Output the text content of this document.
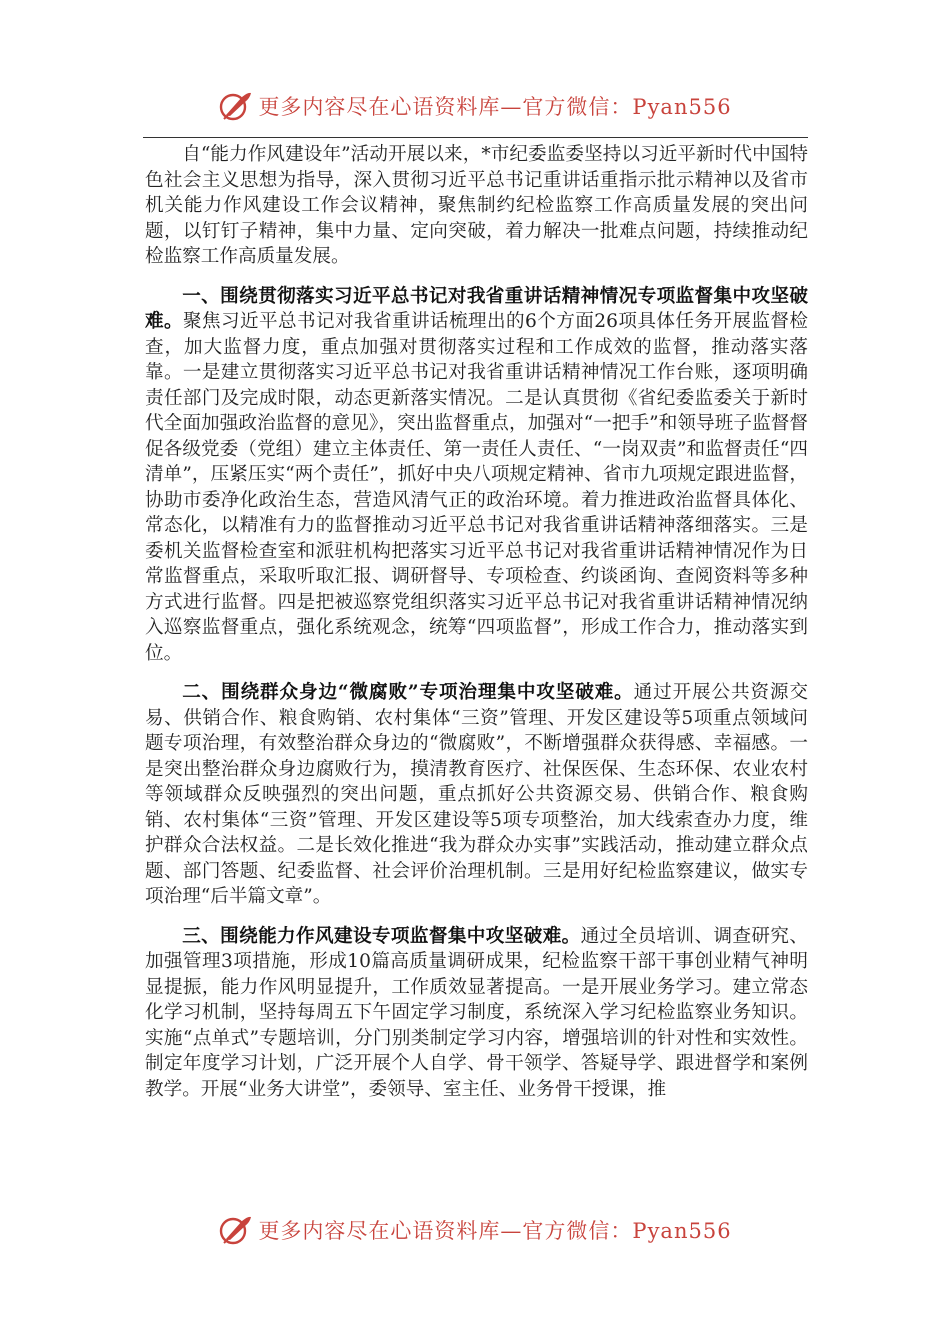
更多内容尽在心语资料库—官方微信：Pyan556

自“能力作风建设年”活动开展以来，*市纪委监委坚持以习近平新时代中国特色社会主义思想为指导，深入贯彻习近平总书记重讲话重指示批示精神以及省市机关能力作风建设工作会议精神，聚焦制约纪检监察工作高质量发展的突出问题，以钉钉子精神，集中力量、定向突破，着力解决一批难点问题，持续推动纪检监察工作高质量发展。

一、围绕贯彻落实习近平总书记对我省重讲话精神情况专项监督集中攻坚破难。聚焦习近平总书记对我省重讲话梳理出的6个方面26项具体任务开展监督检查，加大监督力度，重点加强对贯彻落实过程和工作成效的监督，推动落实落靠。一是建立贯彻落实习近平总书记对我省重讲话精神情况工作台账，逐项明确责任部门及完成时限，动态更新落实情况。二是认真贯彻《省纪委监委关于新时代全面加强政治监督的意见》，突出监督重点，加强对“一把手”和领导班子监督督促各级党委（党组）建立主体责任、第一责任人责任、“一岗双责”和监督责任“四清单”，压紧压实“两个责任”，抓好中央八项规定精神、省市九项规定跟进监督，协助市委净化政治生态，营造风清气正的政治环境。着力推进政治监督具体化、常态化，以精准有力的监督推动习近平总书记对我省重讲话精神落细落实。三是委机关监督检查室和派驻机构把落实习近平总书记对我省重讲话精神情况作为日常监督重点，采取听取汇报、调研督导、专项检查、约谈函询、查阅资料等多种方式进行监督。四是把被巡察党组织落实习近平总书记对我省重讲话精神情况纳入巡察监督重点，强化系统观念，统筹“四项监督”，形成工作合力，推动落实到位。

二、围绕群众身边“微腐败”专项治理集中攻坚破难。通过开展公共资源交易、供销合作、粮食购销、农村集体“三资”管理、开发区建设等5项重点领域问题专项治理，有效整治群众身边的“微腐败”，不断增强群众获得感、幸福感。一是突出整治群众身边腐败行为，摸清教育医疗、社保医保、生态环保、农业农村等领域群众反映强烈的突出问题，重点抓好公共资源交易、供销合作、粮食购销、农村集体“三资”管理、开发区建设等5项专项整治，加大线索查办力度，维护群众合法权益。二是长效化推进“我为群众办实事”实践活动，推动建立群众点题、部门答题、纪委监督、社会评价治理机制。三是用好纪检监察建议，做实专项治理“后半篇文章”。

三、围绕能力作风建设专项监督集中攻坚破难。通过全员培训、调查研究、加强管理3项措施，形成10篇高质量调研成果，纪检监察干部干事创业精气神明显提振，能力作风明显提升，工作质效显著提高。一是开展业务学习。建立常态化学习机制，坚持每周五下午固定学习制度，系统深入学习纪检监察业务知识。实施“点单式”专题培训，分门别类制定学习内容，增强培训的针对性和实效性。制定年度学习计划，广泛开展个人自学、骨干领学、答疑导学、跟进督学和案例教学。开展“业务大讲堂”，委领导、室主任、业务骨干授课，推

更多内容尽在心语资料库—官方微信：Pyan556
